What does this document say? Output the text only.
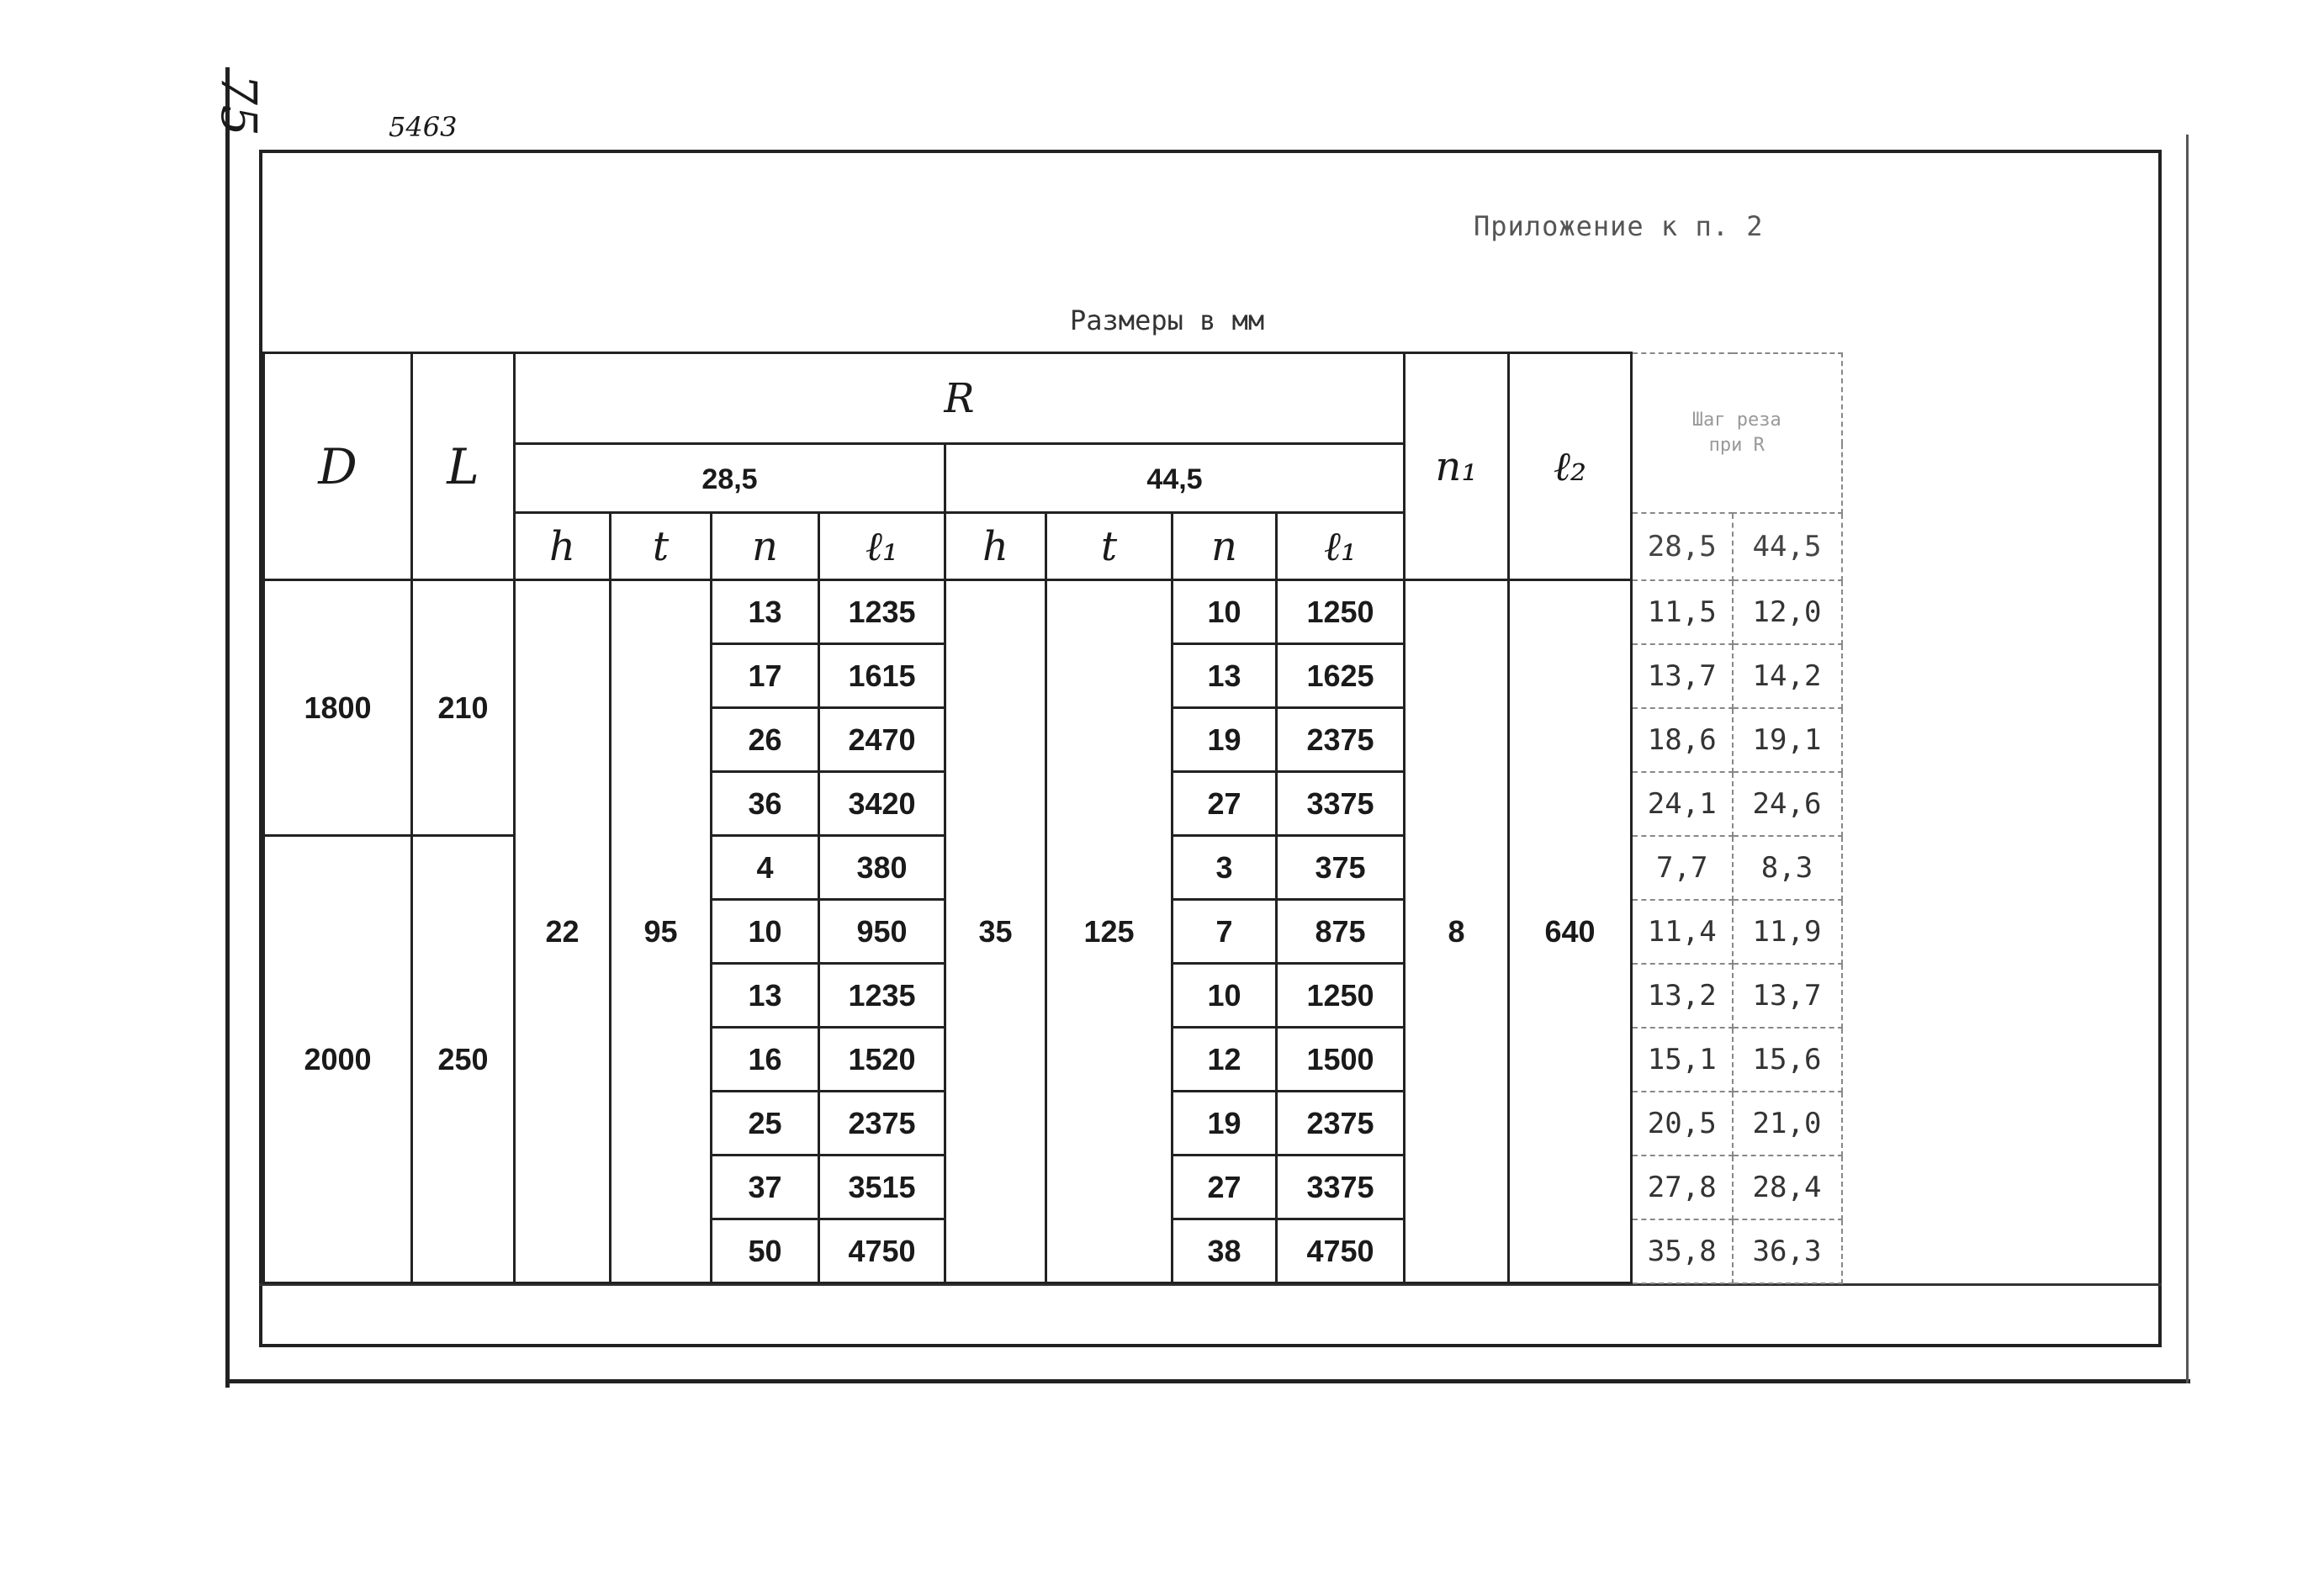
75	5463
Приложение к п. 2
Размеры в мм
D	L	R								n₁	ℓ₂	Шаг реза
при R	

		28,5				44,5							
		h	t	n	ℓ₁	h	t	n	ℓ₁			28,5	44,5
1800	210	22	95	13	1235	35	125	10	1250	8	640	11,5	12,0
				17	1615			13	1625			13,7	14,2
				26	2470			19	2375			18,6	19,1
				36	3420			27	3375			24,1	24,6
2000	250			4	380			3	375			7,7	8,3
				10	950			7	875			11,4	11,9
				13	1235			10	1250			13,2	13,7
				16	1520			12	1500			15,1	15,6
				25	2375			19	2375			20,5	21,0
				37	3515			27	3375			27,8	28,4
				50	4750			38	4750			35,8	36,3
